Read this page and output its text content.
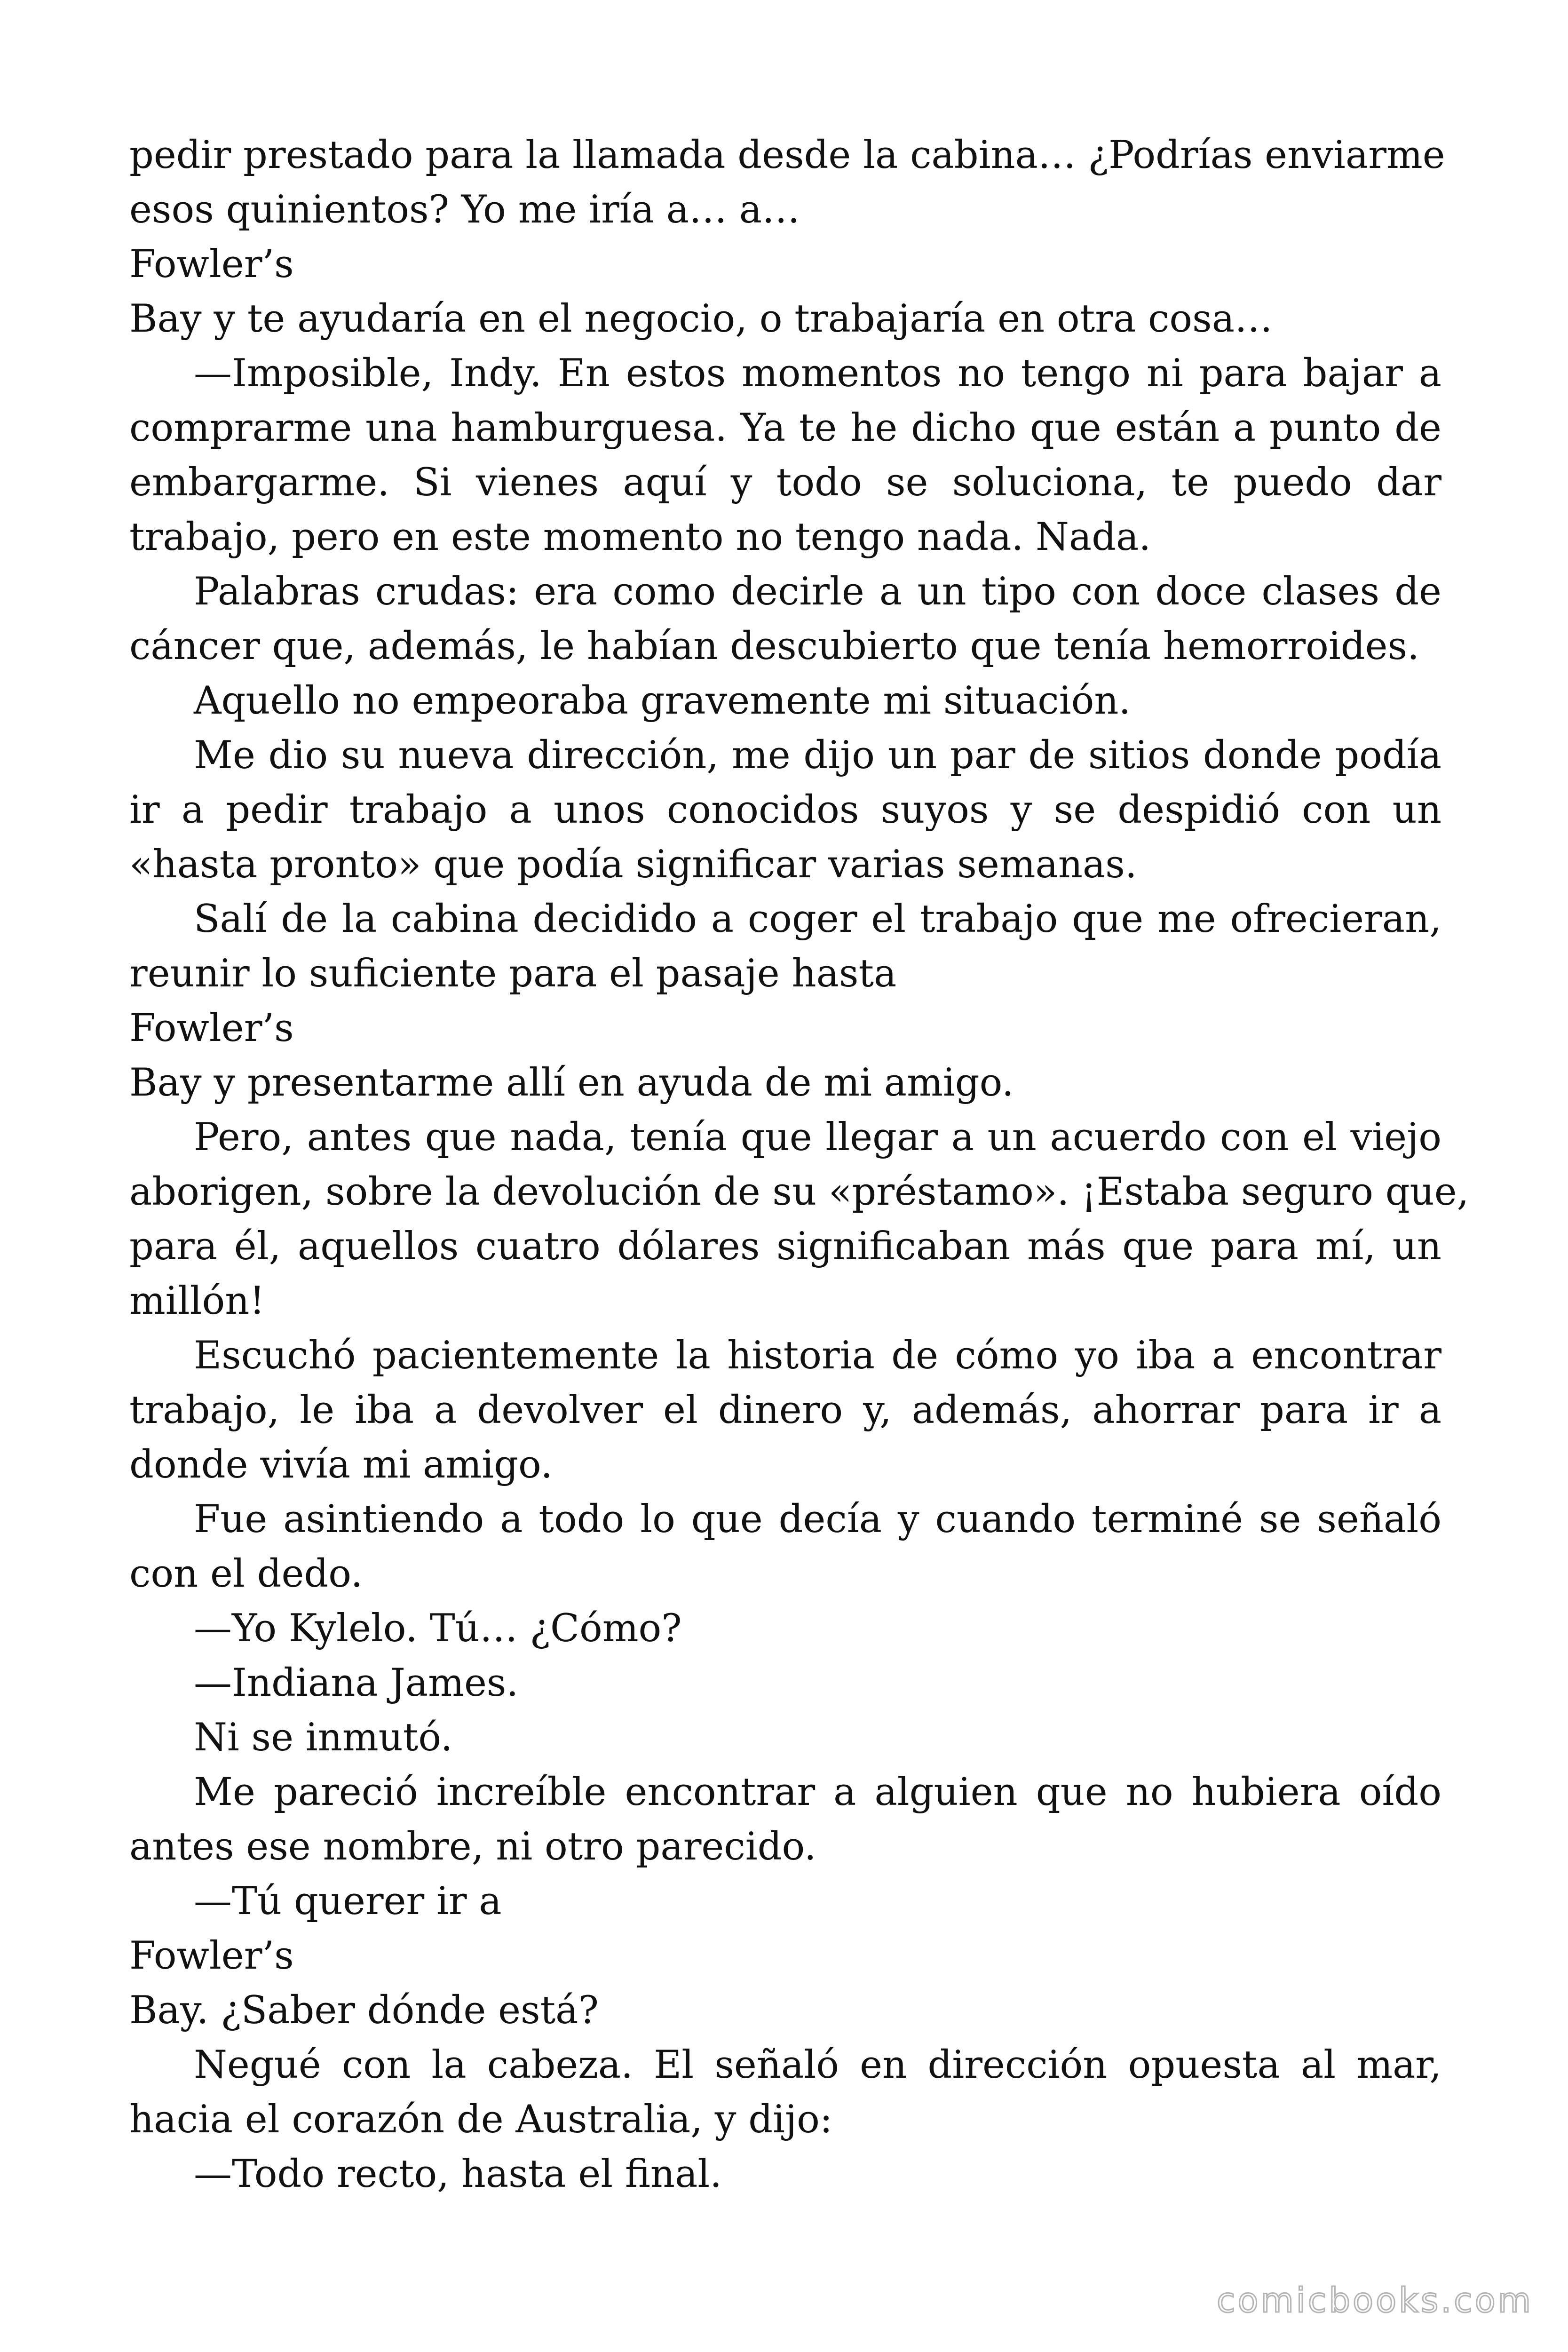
pedir prestado para la llamada desde la cabina… ¿Podrías enviarme

esos quinientos? Yo me iría a… a…

Fowler’s

Bay y te ayudaría en el negocio, o trabajaría en otra cosa…

—Imposible, Indy. En estos momentos no tengo ni para bajar a

comprarme una hamburguesa. Ya te he dicho que están a punto de

embargarme. Si vienes aquí y todo se soluciona, te puedo dar

trabajo, pero en este momento no tengo nada. Nada.

Palabras crudas: era como decirle a un tipo con doce clases de

cáncer que, además, le habían descubierto que tenía hemorroides.

Aquello no empeoraba gravemente mi situación.

Me dio su nueva dirección, me dijo un par de sitios donde podía

ir a pedir trabajo a unos conocidos suyos y se despidió con un

«hasta pronto» que podía significar varias semanas.

Salí de la cabina decidido a coger el trabajo que me ofrecieran,

reunir lo suficiente para el pasaje hasta

Fowler’s

Bay y presentarme allí en ayuda de mi amigo.

Pero, antes que nada, tenía que llegar a un acuerdo con el viejo

aborigen, sobre la devolución de su «préstamo». ¡Estaba seguro que,

para él, aquellos cuatro dólares significaban más que para mí, un

millón!

Escuchó pacientemente la historia de cómo yo iba a encontrar

trabajo, le iba a devolver el dinero y, además, ahorrar para ir a

donde vivía mi amigo.

Fue asintiendo a todo lo que decía y cuando terminé se señaló

con el dedo.

—Yo Kylelo. Tú… ¿Cómo?

—Indiana James.

Ni se inmutó.

Me pareció increíble encontrar a alguien que no hubiera oído

antes ese nombre, ni otro parecido.

—Tú querer ir a

Fowler’s

Bay. ¿Saber dónde está?

Negué con la cabeza. El señaló en dirección opuesta al mar,

hacia el corazón de Australia, y dijo:

—Todo recto, hasta el final.

comicbooks.com
